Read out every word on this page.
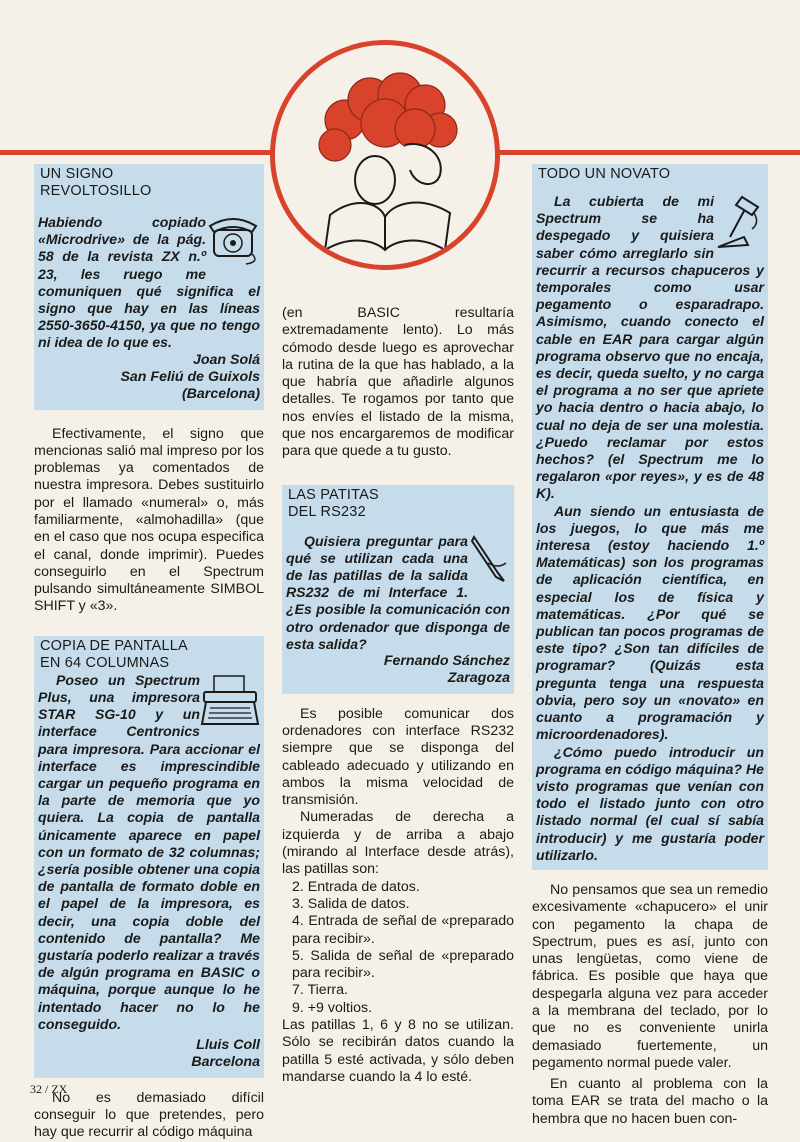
UN SIGNO
REVOLTOSILLO

Habiendo copiado «Microdrive» de la pág. 58 de la revista ZX n.º 23, les ruego me comuniquen qué significa el signo que hay en las líneas 2550-3650-4150, ya que no tengo ni idea de lo que es.

Joan Solá
San Feliú de Guixols
(Barcelona)

Efectivamente, el signo que mencionas salió mal impreso por los problemas ya comentados de nuestra impresora. Debes sustituirlo por el llamado «numeral» o, más familiarmente, «almohadilla» (que en el caso que nos ocupa especifica el canal, donde imprimir). Puedes conseguirlo en el Spectrum pulsando simultáneamente SIMBOL SHIFT y «3».

COPIA DE PANTALLA
EN 64 COLUMNAS

Poseo un Spectrum Plus, una impresora STAR SG-10 y un interface Centronics para impresora. Para accionar el interface es imprescindible cargar un pequeño programa en la parte de memoria que yo quiera. La copia de pantalla únicamente aparece en papel con un formato de 32 columnas; ¿sería posible obtener una copia de pantalla de formato doble en el papel de la impresora, es decir, una copia doble del contenido de pantalla? Me gustaría poderlo realizar a través de algún programa en BASIC o máquina, porque aunque lo he intentado hacer no lo he conseguido.

Lluis Coll
Barcelona

No es demasiado difícil conseguir lo que pretendes, pero hay que recurrir al código máquina

(en BASIC resultaría extremadamente lento). Lo más cómodo desde luego es aprovechar la rutina de la que has hablado, a la que habría que añadirle algunos detalles. Te rogamos por tanto que nos envíes el listado de la misma, que nos encargaremos de modificar para que quede a tu gusto.

LAS PATITAS
DEL RS232

Quisiera preguntar para qué se utilizan cada una de las patillas de la salida RS232 de mi Interface 1. ¿Es posible la comunicación con otro ordenador que disponga de esta salida?

Fernando Sánchez
Zaragoza

Es posible comunicar dos ordenadores con interface RS232 siempre que se disponga del cableado adecuado y utilizando en ambos la misma velocidad de transmisión.

Numeradas de derecha a izquierda y de arriba a abajo (mirando al Interface desde atrás), las patillas son:

2. Entrada de datos.
3. Salida de datos.
4. Entrada de señal de «preparado para recibir».
5. Salida de señal de «preparado para recibir».
7. Tierra.
9. +9 voltios.

Las patillas 1, 6 y 8 no se utilizan. Sólo se recibirán datos cuando la patilla 5 esté activada, y sólo deben mandarse cuando la 4 lo esté.

TODO UN NOVATO

La cubierta de mi Spectrum se ha despegado y quisiera saber cómo arreglarlo sin recurrir a recursos chapuceros y temporales como usar pegamento o esparadrapo. Asimismo, cuando conecto el cable en EAR para cargar algún programa observo que no encaja, es decir, queda suelto, y no carga el programa a no ser que apriete yo hacia dentro o hacia abajo, lo cual no deja de ser una molestia. ¿Puedo reclamar por estos hechos? (el Spectrum me lo regalaron «por reyes», y es de 48 K).

Aun siendo un entusiasta de los juegos, lo que más me interesa (estoy haciendo 1.º Matemáticas) son los programas de aplicación científica, en especial los de física y matemáticas. ¿Por qué se publican tan pocos programas de este tipo? ¿Son tan difíciles de programar? (Quizás esta pregunta tenga una respuesta obvia, pero soy un «novato» en cuanto a programación y microordenadores).

¿Cómo puedo introducir un programa en código máquina? He visto programas que venían con todo el listado junto con otro listado normal (el cual sí sabía introducir) y me gustaría poder utilizarlo.

No pensamos que sea un remedio excesivamente «chapucero» el unir con pegamento la chapa de Spectrum, pues es así, junto con unas lengüetas, como viene de fábrica. Es posible que haya que despegarla alguna vez para acceder a la membrana del teclado, por lo que no es conveniente unirla demasiado fuertemente, un pegamento normal puede valer.

En cuanto al problema con la toma EAR se trata del macho o la hembra que no hacen buen con-

32 / ZX
